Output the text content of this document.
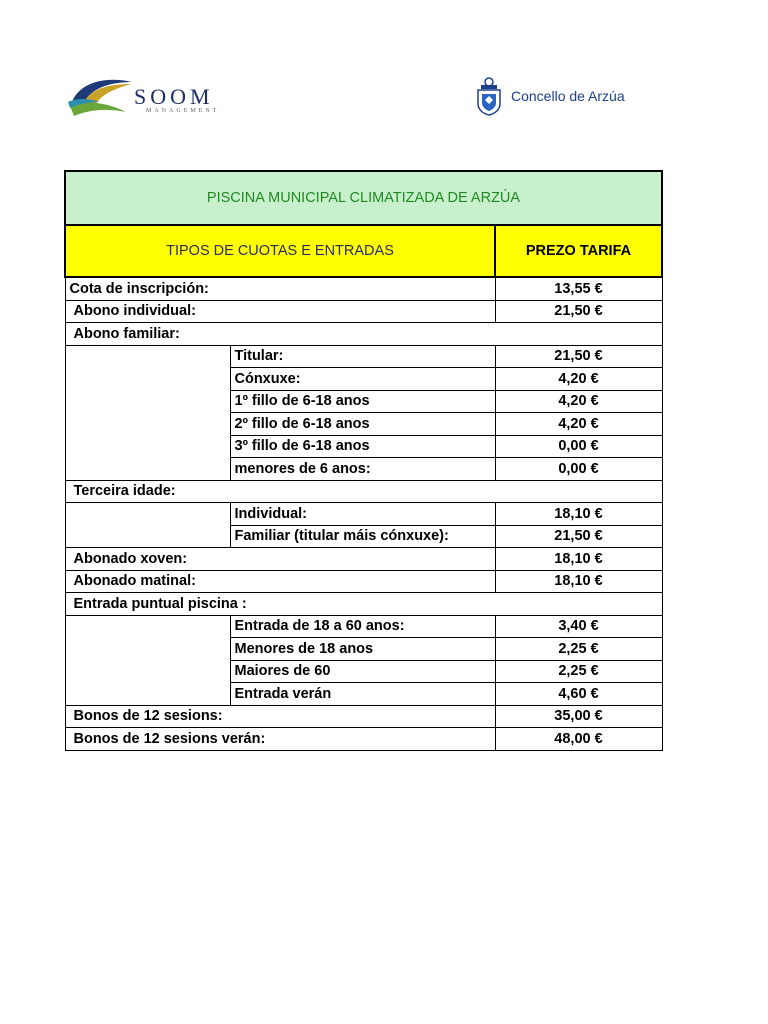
SOOM
MANAGEMENT
Concello de Arzúa
PISCINA MUNICIPAL CLIMATIZADA DE ARZÚA		
TIPOS DE CUOTAS E ENTRADAS		PREZO TARIFA
Cota de inscripción:		13,55 €
Abono individual:		21,50 €
Abono familiar:		
	Titular:	21,50 €
	Cónxuxe:	4,20 €
	1º fillo de 6-18 anos	4,20 €
	2º fillo de 6-18 anos	4,20 €
	3º fillo de 6-18 anos	0,00 €
	menores de 6 anos:	0,00 €
Terceira idade:		
	Individual:	18,10 €
	Familiar (titular máis cónxuxe):	21,50 €
Abonado xoven:		18,10 €
Abonado matinal:		18,10 €
Entrada puntual piscina :		
	Entrada de 18 a 60 anos:	3,40 €
	Menores de 18 anos	2,25 €
	Maiores de 60	2,25 €
	Entrada verán	4,60 €
Bonos de 12 sesions:		35,00 €
Bonos de 12 sesions verán:		48,00 €
